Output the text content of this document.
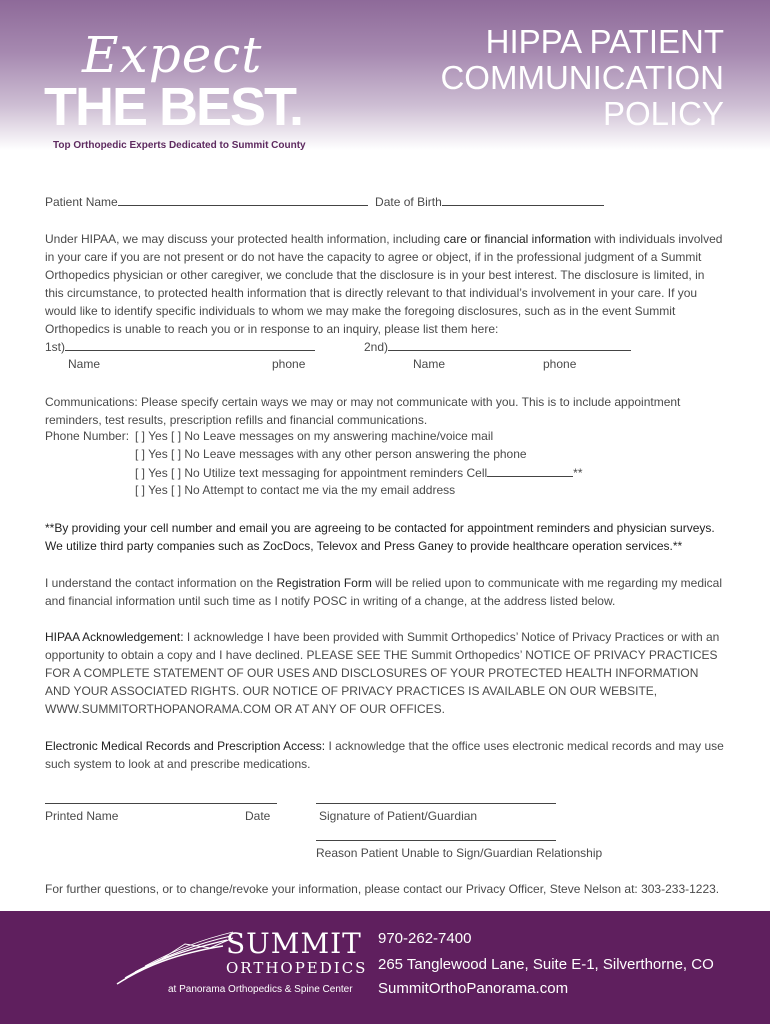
Expect
THE BEST.
Top Orthopedic Experts Dedicated to Summit County
HIPPA PATIENT
COMMUNICATION
POLICY
Patient Name	Date of Birth
Under HIPAA, we may discuss your protected health information, including care or financial information with individuals involved in your care if you are not present or do not have the capacity to agree or object, if in the professional judgment of a Summit Orthopedics physician or other caregiver, we conclude that the disclosure is in your best interest. The disclosure is limited, in this circumstance, to protected health information that is directly relevant to that individual’s involvement in your care. If you would like to identify specific individuals to whom we may make the foregoing disclosures, such as in the event Summit Orthopedics is unable to reach you or in response to an inquiry, please list them here:
1st)	2nd)
Name	phone	Name	phone
Communications: Please specify certain ways we may or may not communicate with you. This is to include appointment reminders, test results, prescription refills and financial communications.
Phone Number: [ ] Yes [ ] No Leave messages on my answering machine/voice mail
[ ] Yes [ ] No Leave messages with any other person answering the phone
[ ] Yes [ ] No Utilize text messaging for appointment reminders Cell	**
[ ] Yes [ ] No Attempt to contact me via the my email address
**By providing your cell number and email you are agreeing to be contacted for appointment reminders and physician surveys. We utilize third party companies such as ZocDocs, Televox and Press Ganey to provide healthcare operation services.**
I understand the contact information on the Registration Form will be relied upon to communicate with me regarding my medical and financial information until such time as I notify POSC in writing of a change, at the address listed below.
HIPAA Acknowledgement: I acknowledge I have been provided with Summit Orthopedics’ Notice of Privacy Practices or with an opportunity to obtain a copy and I have declined. PLEASE SEE THE Summit Orthopedics’ NOTICE OF PRIVACY PRACTICES FOR A COMPLETE STATEMENT OF OUR USES AND DISCLOSURES OF YOUR PROTECTED HEALTH INFORMATION AND YOUR ASSOCIATED RIGHTS. OUR NOTICE OF PRIVACY PRACTICES IS AVAILABLE ON OUR WEBSITE, WWW.SUMMITORTHOPANORAMA.COM OR AT ANY OF OUR OFFICES.
Electronic Medical Records and Prescription Access: I acknowledge that the office uses electronic medical records and may use such system to look at and prescribe medications.
Printed Name	Date	Signature of Patient/Guardian
Reason Patient Unable to Sign/Guardian Relationship
For further questions, or to change/revoke your information, please contact our Privacy Officer, Steve Nelson at: 303-233-1223.
SUMMIT
ORTHOPEDICS
at Panorama Orthopedics & Spine Center
970-262-7400
265 Tanglewood Lane, Suite E-1, Silverthorne, CO
SummitOrthoPanorama.com
